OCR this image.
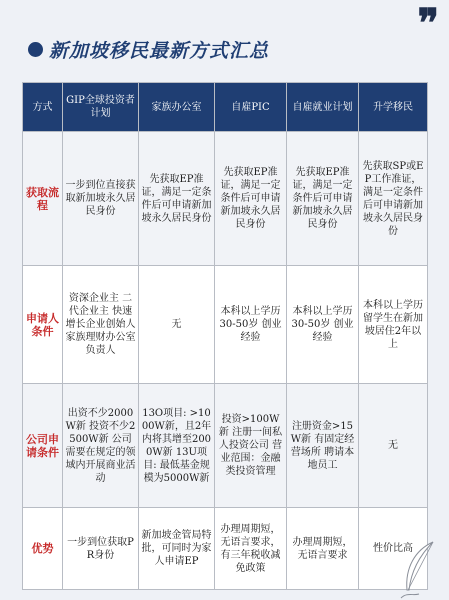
❞
新加坡移民最新方式汇总
方式	GIP全球投资者计划	家族办公室	自雇PIC	自雇就业计划	升学移民
获取流程	一步到位直接获取新加坡永久居民身份	先获取EP准证，满足一定条件后可申请新加坡永久居民身份	先获取EP准证，满足一定条件后可申请新加坡永久居民身份	先获取EP准证，满足一定条件后可申请新加坡永久居民身份	先获取SP或EP工作准证，满足一定条件后可申请新加坡永久居民身份
申请人条件	资深企业主 二代企业主 快速增长企业创始人 家族理财办公室负责人	无	本科以上学历 30-50岁 创业经验	本科以上学历 30-50岁 创业经验	本科以上学历 留学生在新加坡居住2年以上
公司申请条件	出资不少2000W新 投资不少2500W新 公司需要在规定的领域内开展商业活动	13O项目: >1000W新，且2年内将其增至2000W新 13U项目: 最低基金规模为5000W新	投资>100W新 注册一间私人投资公司 营业范围：金融类投资管理	注册资金>15W新 有固定经营场所 聘请本地员工	无
优势	一步到位获取PR身份	新加坡金管局特批，可同时为家人申请EP	办理周期短，无语言要求，有三年税收减免政策	办理周期短，无语言要求	性价比高
